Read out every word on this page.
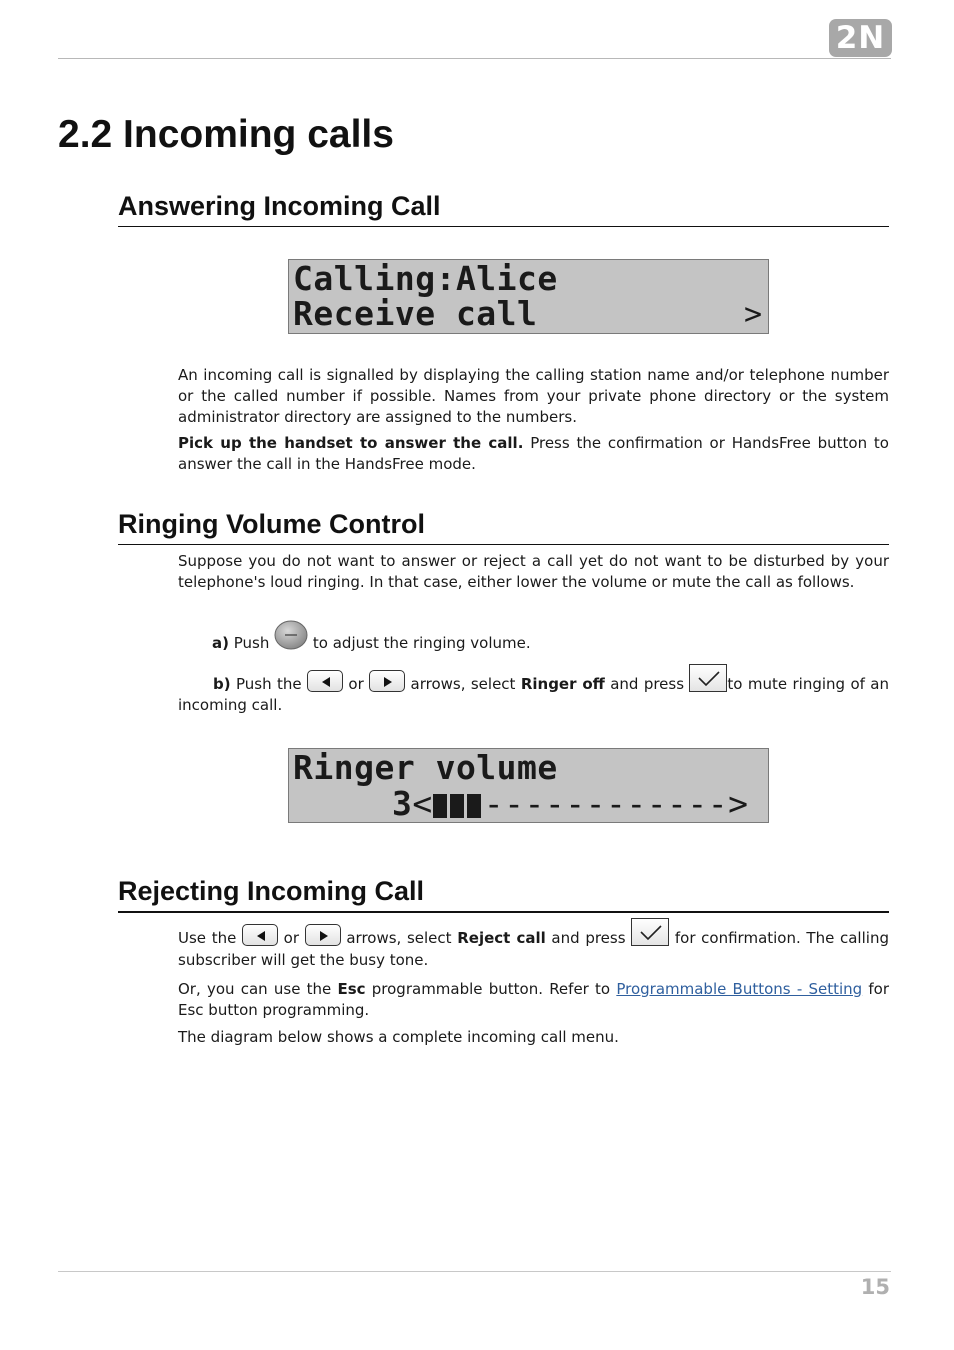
2N
2.2 Incoming calls
Answering Incoming Call
Calling:Alice
Receive call	>

An incoming call is signalled by displaying the calling station name and/or telephone number or the called number if possible. Names from your private phone directory or the system administrator directory are assigned to the numbers.

Pick up the handset to answer the call. Press the confirmation or HandsFree button to answer the call in the HandsFree mode.

Ringing Volume Control

Suppose you do not want to answer or reject a call yet do not want to be disturbed by your telephone's loud ringing. In that case, either lower the volume or mute the call as follows.

a) Push  to adjust the ringing volume.

b) Push the
or
arrows, select Ringer off and press	to mute ringing of an incoming call.

Ringer volume
3< ------------>
Rejecting Incoming Call

Use the
or
arrows, select Reject call and press	for confirmation. The calling subscriber will get the busy tone.

Or, you can use the Esc programmable button. Refer to Programmable Buttons - Setting for Esc button programming.

The diagram below shows a complete incoming call menu.

15
